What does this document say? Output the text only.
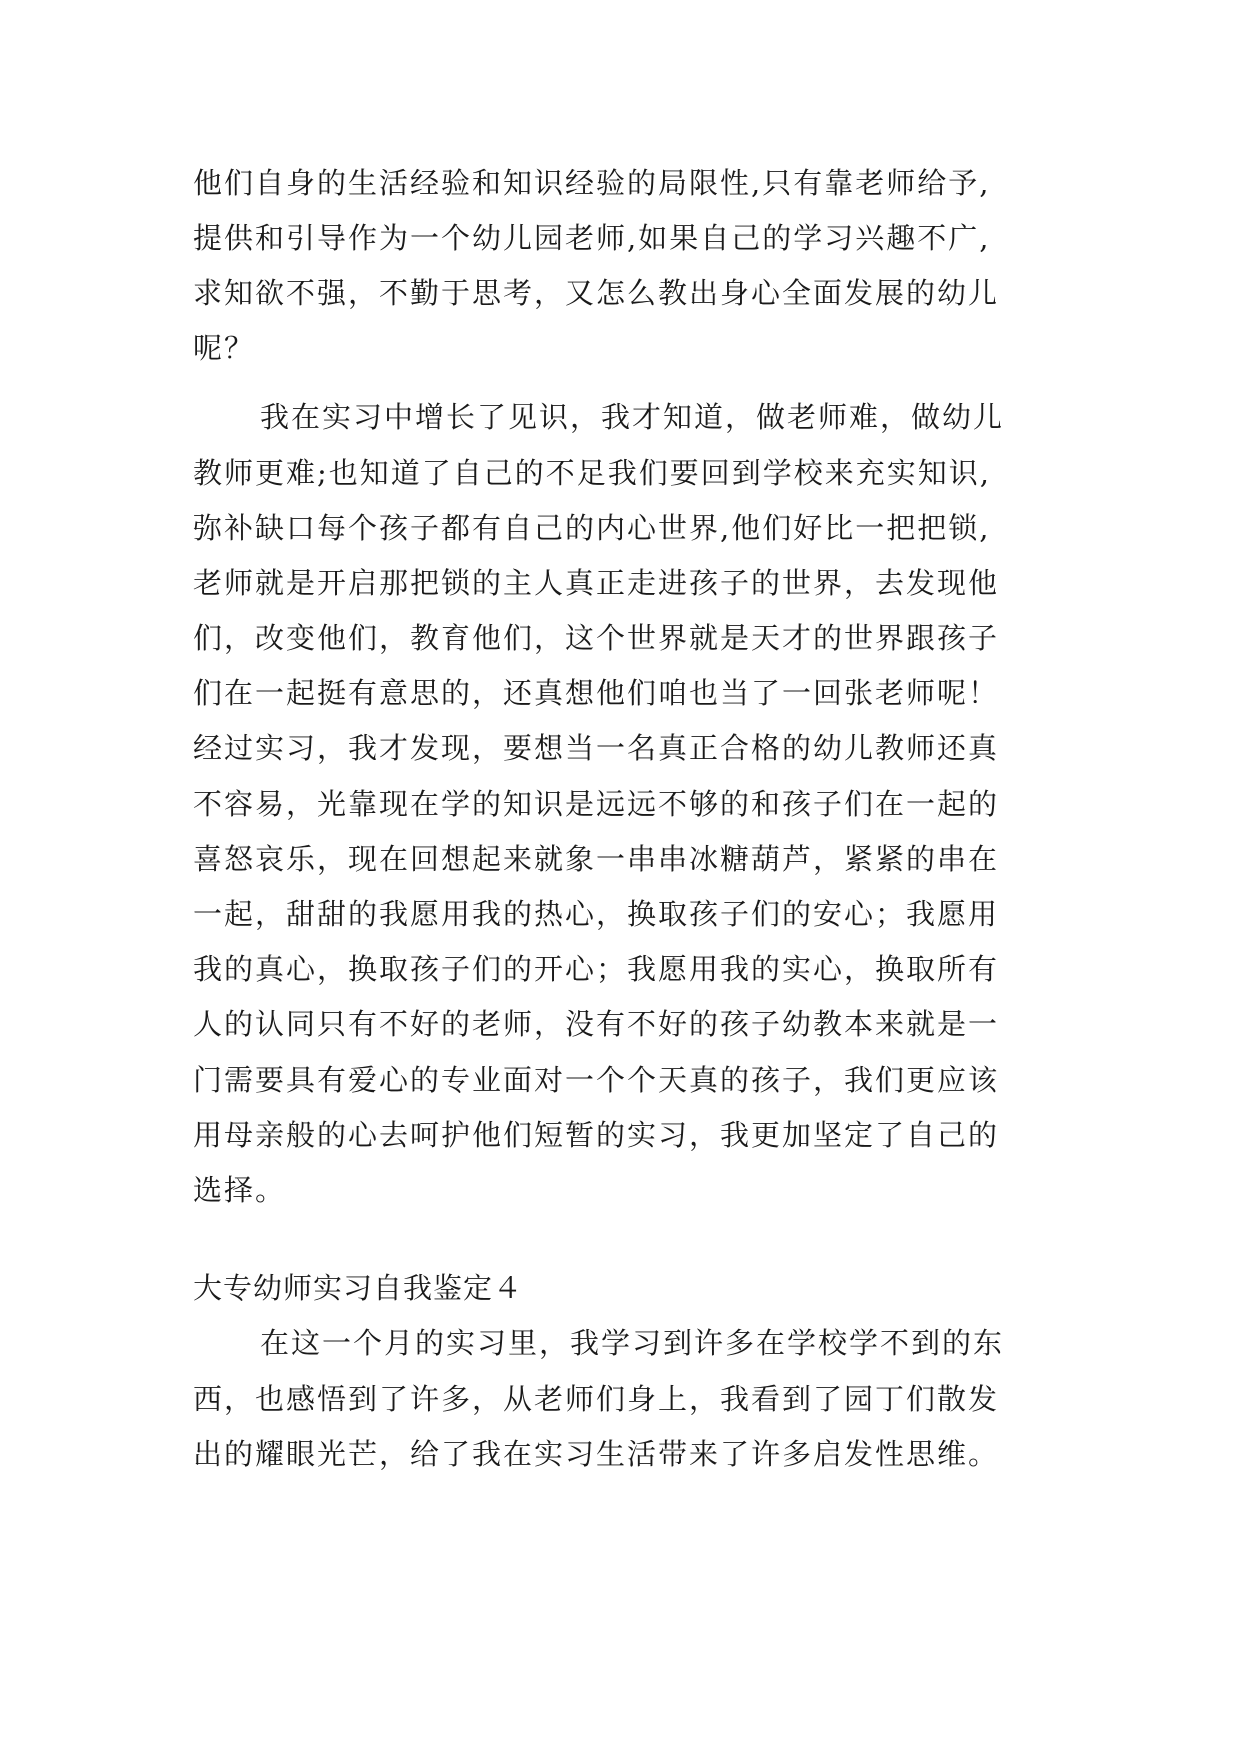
他们自身的生活经验和知识经验的局限性,只有靠老师给予,
提供和引导作为一个幼儿园老师,如果自己的学习兴趣不广,
求知欲不强，不勤于思考，又怎么教出身心全面发展的幼儿
呢？
我在实习中增长了见识，我才知道，做老师难，做幼儿
教师更难;也知道了自己的不足我们要回到学校来充实知识,
弥补缺口每个孩子都有自己的内心世界,他们好比一把把锁,
老师就是开启那把锁的主人真正走进孩子的世界，去发现他
们，改变他们，教育他们，这个世界就是天才的世界跟孩子
们在一起挺有意思的，还真想他们咱也当了一回张老师呢！
经过实习，我才发现，要想当一名真正合格的幼儿教师还真
不容易，光靠现在学的知识是远远不够的和孩子们在一起的
喜怒哀乐，现在回想起来就象一串串冰糖葫芦，紧紧的串在
一起，甜甜的我愿用我的热心，换取孩子们的安心；我愿用
我的真心，换取孩子们的开心；我愿用我的实心，换取所有
人的认同只有不好的老师，没有不好的孩子幼教本来就是一
门需要具有爱心的专业面对一个个天真的孩子，我们更应该
用母亲般的心去呵护他们短暂的实习，我更加坚定了自己的
选择。
大专幼师实习自我鉴定４
在这一个月的实习里，我学习到许多在学校学不到的东
西，也感悟到了许多，从老师们身上，我看到了园丁们散发
出的耀眼光芒，给了我在实习生活带来了许多启发性思维。
